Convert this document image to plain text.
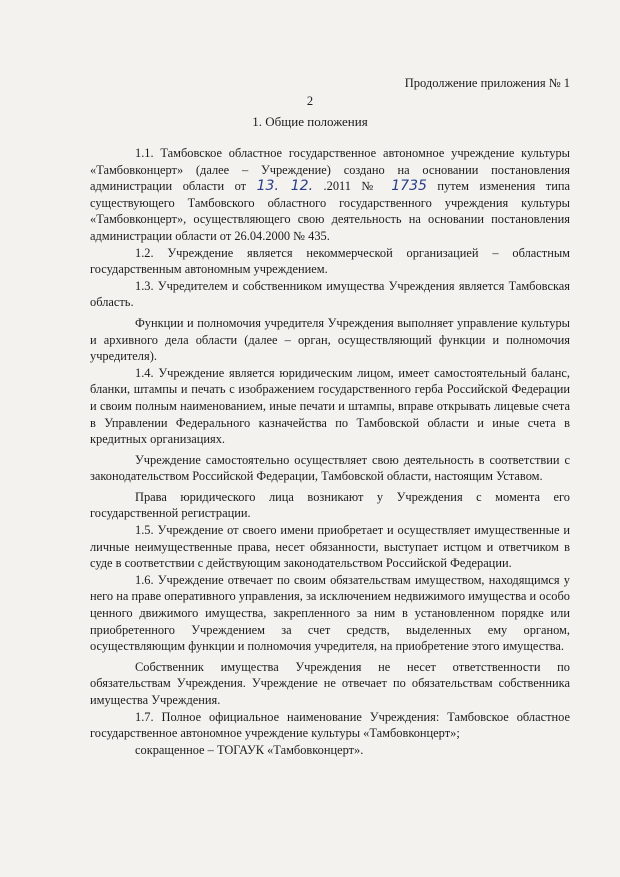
Продолжение приложения № 1
2
1. Общие положения

1.1. Тамбовское областное государственное автономное учреждение культуры «Тамбовконцерт» (далее – Учреждение) создано на основании постановления администрации области от 13. 12. .2011 № 1735 путем изменения типа существующего Тамбовского областного государственного учреждения культуры «Тамбовконцерт», осуществляющего свою деятельность на основании постановления администрации области от 26.04.2000 № 435.

1.2. Учреждение является некоммерческой организацией – областным государственным автономным учреждением.

1.3. Учредителем и собственником имущества Учреждения является Тамбовская область.

Функции и полномочия учредителя Учреждения выполняет управление культуры и архивного дела области (далее – орган, осуществляющий функции и полномочия учредителя).

1.4. Учреждение является юридическим лицом, имеет самостоятельный баланс, бланки, штампы и печать с изображением государственного герба Российской Федерации и своим полным наименованием, иные печати и штампы, вправе открывать лицевые счета в Управлении Федерального казначейства по Тамбовской области и иные счета в кредитных организациях.

Учреждение самостоятельно осуществляет свою деятельность в соответствии с законодательством Российской Федерации, Тамбовской области, настоящим Уставом.

Права юридического лица возникают у Учреждения с момента его государственной регистрации.

1.5. Учреждение от своего имени приобретает и осуществляет имущественные и личные неимущественные права, несет обязанности, выступает истцом и ответчиком в суде в соответствии с действующим законодательством Российской Федерации.

1.6. Учреждение отвечает по своим обязательствам имуществом, находящимся у него на праве оперативного управления, за исключением недвижимого имущества и особо ценного движимого имущества, закрепленного за ним в установленном порядке или приобретенного Учреждением за счет средств, выделенных ему органом, осуществляющим функции и полномочия учредителя, на приобретение этого имущества.

Собственник имущества Учреждения не несет ответственности по обязательствам Учреждения. Учреждение не отвечает по обязательствам собственника имущества Учреждения.

1.7. Полное официальное наименование Учреждения: Тамбовское областное государственное автономное учреждение культуры «Тамбовконцерт»;

сокращенное – ТОГАУК «Тамбовконцерт».
